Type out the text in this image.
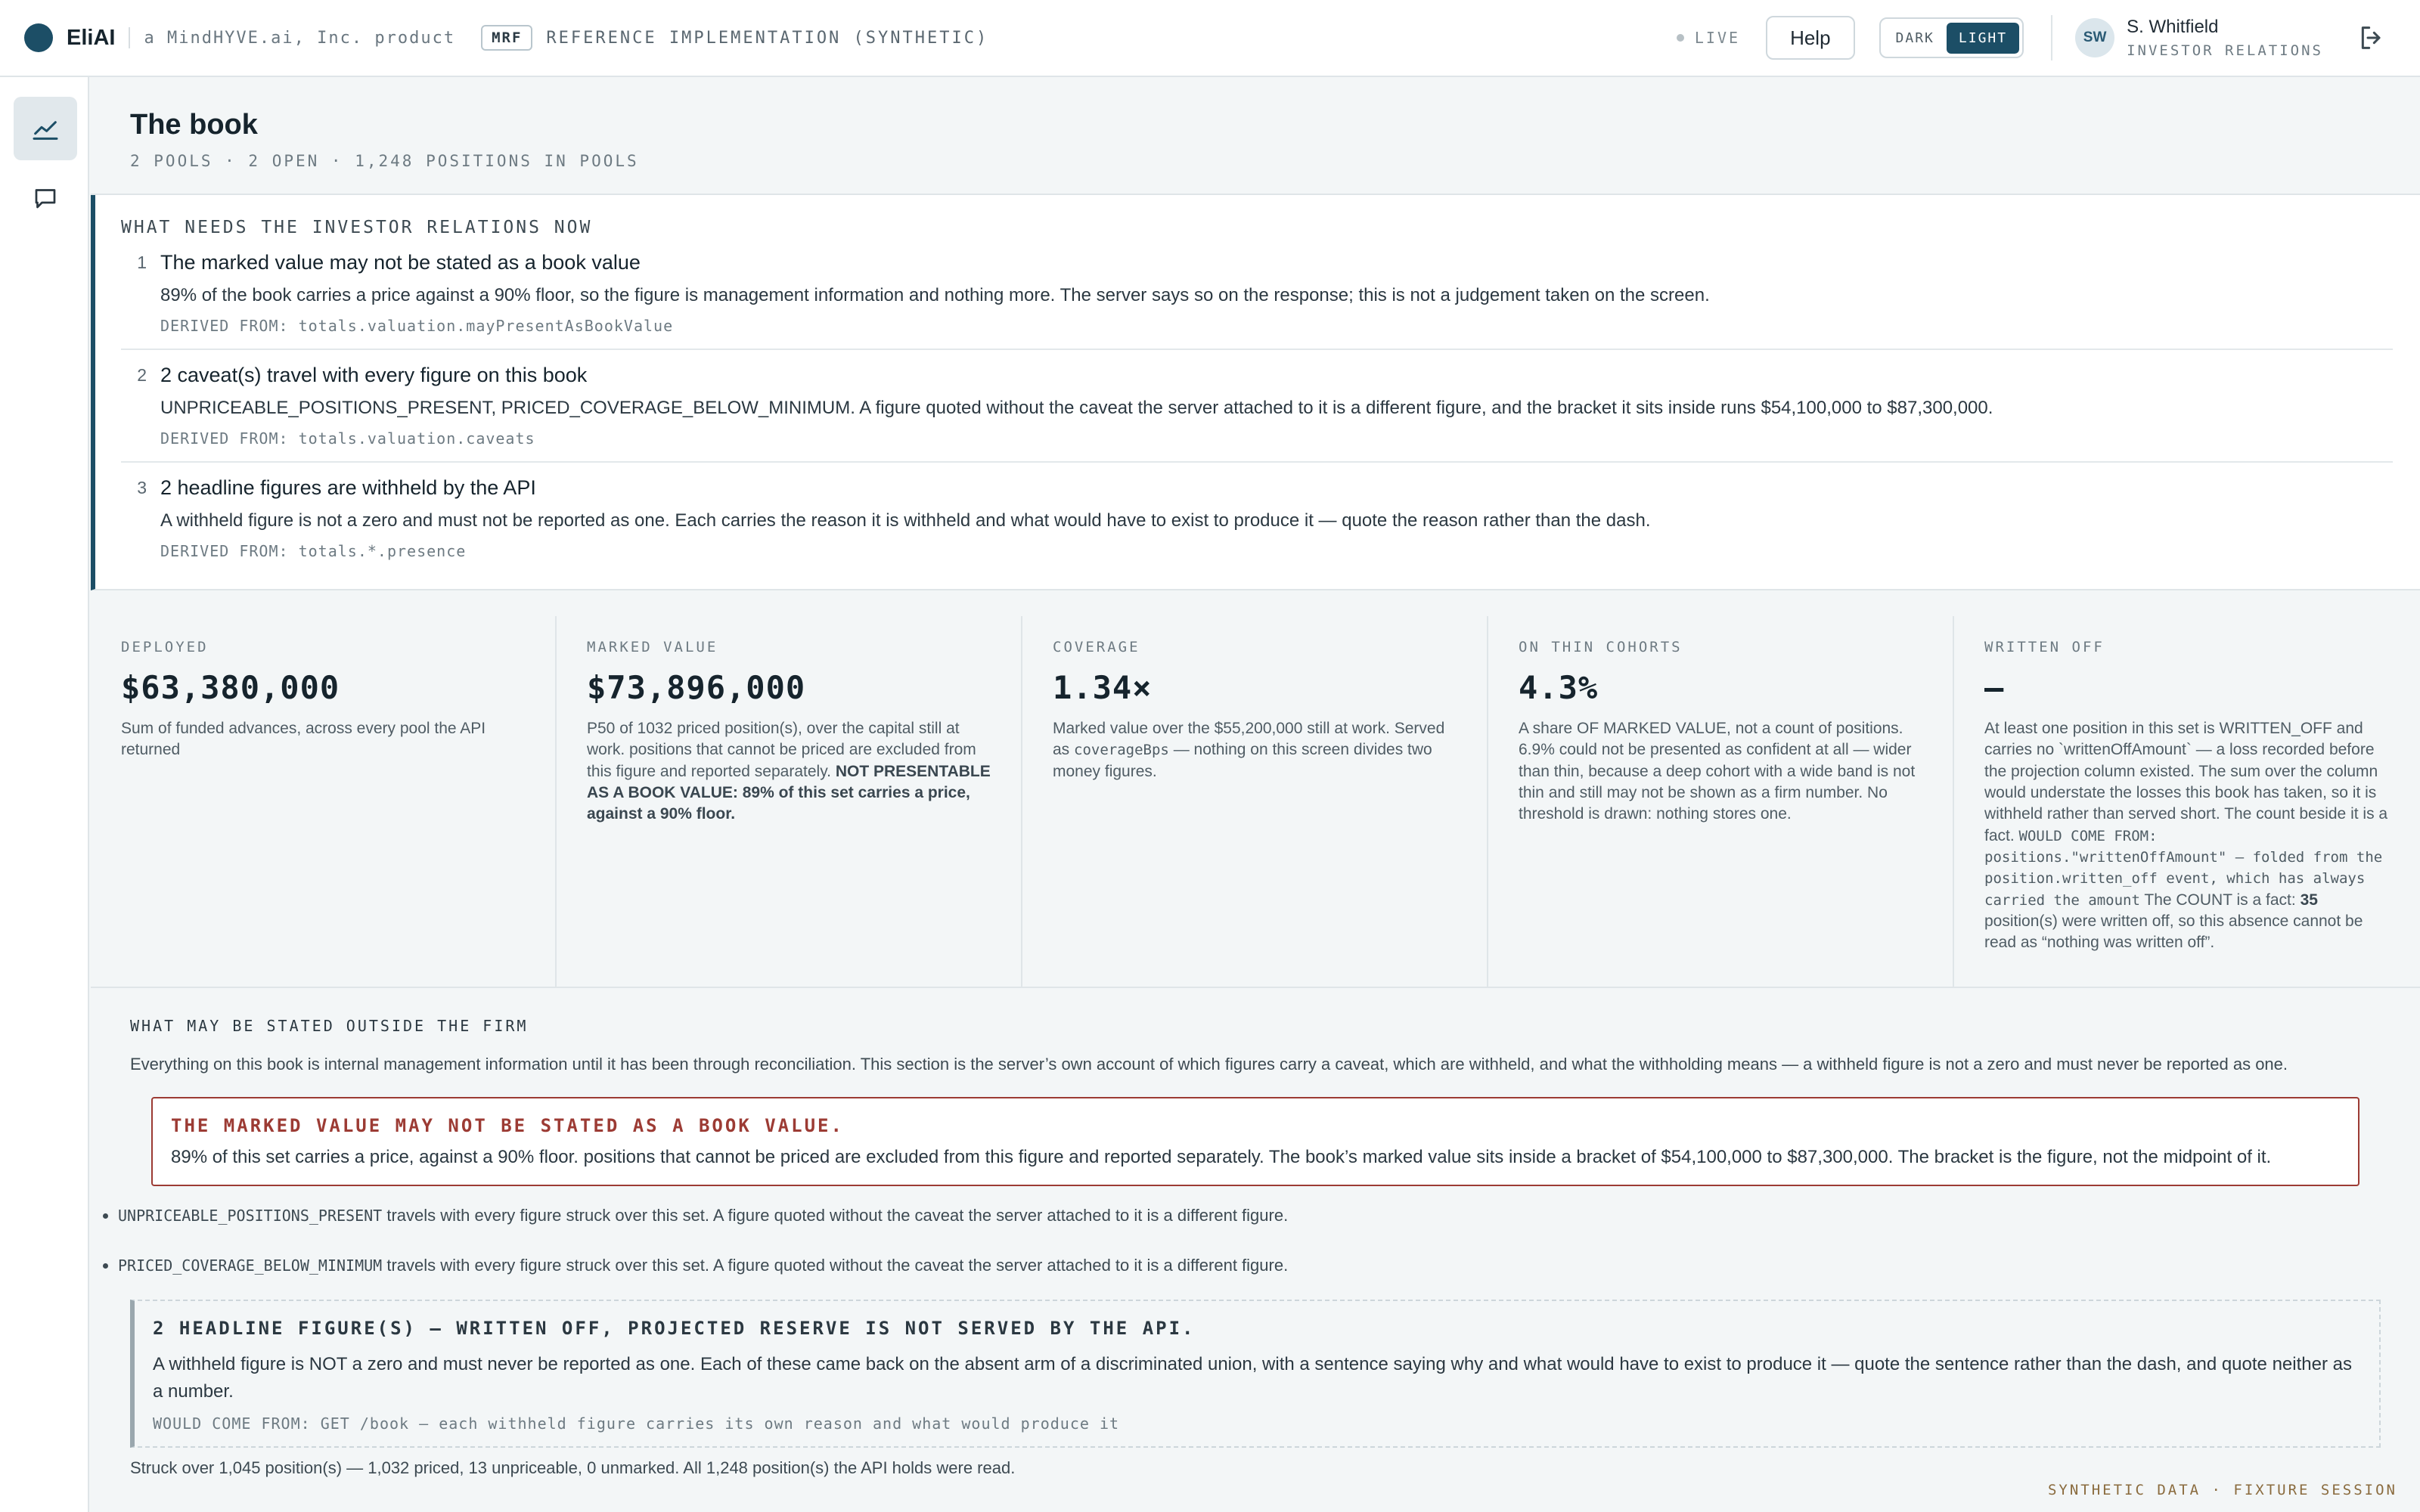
EliAI a MindHYVE.ai, Inc. product	MRF	REFERENCE IMPLEMENTATION (SYNTHETIC)	LIVE	Help	DARK	LIGHT	SW
S. Whitfield
INVESTOR RELATIONS
The book
2 POOLS · 2 OPEN · 1,248 POSITIONS IN POOLS
WHAT NEEDS THE INVESTOR RELATIONS NOW
1 The marked value may not be stated as a book value
89% of the book carries a price against a 90% floor, so the figure is management information and nothing more. The server says so on the response; this is not a judgement taken on the screen.
DERIVED FROM: totals.valuation.mayPresentAsBookValue
2 2 caveat(s) travel with every figure on this book
UNPRICEABLE_POSITIONS_PRESENT, PRICED_COVERAGE_BELOW_MINIMUM. A figure quoted without the caveat the server attached to it is a different figure, and the bracket it sits inside runs $54,100,000 to $87,300,000.
DERIVED FROM: totals.valuation.caveats
3 2 headline figures are withheld by the API
A withheld figure is not a zero and must not be reported as one. Each carries the reason it is withheld and what would have to exist to produce it — quote the reason rather than the dash.
DERIVED FROM: totals.*.presence
DEPLOYED
$63,380,000
Sum of funded advances, across every pool the API returned
MARKED VALUE
$73,896,000
P50 of 1032 priced position(s), over the capital still at work. positions that cannot be priced are excluded from this figure and reported separately. NOT PRESENTABLE AS A BOOK VALUE: 89% of this set carries a price, against a 90% floor.
COVERAGE
1.34×
Marked value over the $55,200,000 still at work. Served as coverageBps — nothing on this screen divides two money figures.
ON THIN COHORTS
4.3%
A share OF MARKED VALUE, not a count of positions. 6.9% could not be presented as confident at all — wider than thin, because a deep cohort with a wide band is not thin and still may not be shown as a firm number. No threshold is drawn: nothing stores one.
WRITTEN OFF
—
At least one position in this set is WRITTEN_OFF and carries no `writtenOffAmount` — a loss recorded before the projection column existed. The sum over the column would understate the losses this book has taken, so it is withheld rather than served short. The count beside it is a fact. WOULD COME FROM: positions."writtenOffAmount" — folded from the position.written_off event, which has always carried the amount The COUNT is a fact: 35 position(s) were written off, so this absence cannot be read as “nothing was written off”.
WHAT MAY BE STATED OUTSIDE THE FIRM
Everything on this book is internal management information until it has been through reconciliation. This section is the server’s own account of which figures carry a caveat, which are withheld, and what the withholding means — a withheld figure is not a zero and must never be reported as one.
THE MARKED VALUE MAY NOT BE STATED AS A BOOK VALUE.
89% of this set carries a price, against a 90% floor. positions that cannot be priced are excluded from this figure and reported separately. The book’s marked value sits inside a bracket of $54,100,000 to $87,300,000. The bracket is the figure, not the midpoint of it.
• UNPRICEABLE_POSITIONS_PRESENT travels with every figure struck over this set. A figure quoted without the caveat the server attached to it is a different figure.
• PRICED_COVERAGE_BELOW_MINIMUM travels with every figure struck over this set. A figure quoted without the caveat the server attached to it is a different figure.
2 HEADLINE FIGURE(S) — WRITTEN OFF, PROJECTED RESERVE IS NOT SERVED BY THE API.
A withheld figure is NOT a zero and must never be reported as one. Each of these came back on the absent arm of a discriminated union, with a sentence saying why and what would have to exist to produce it — quote the sentence rather than the dash, and quote neither as a number.
WOULD COME FROM: GET /book — each withheld figure carries its own reason and what would produce it
Struck over 1,045 position(s) — 1,032 priced, 13 unpriceable, 0 unmarked. All 1,248 position(s) the API holds were read.
SYNTHETIC DATA · FIXTURE SESSION
